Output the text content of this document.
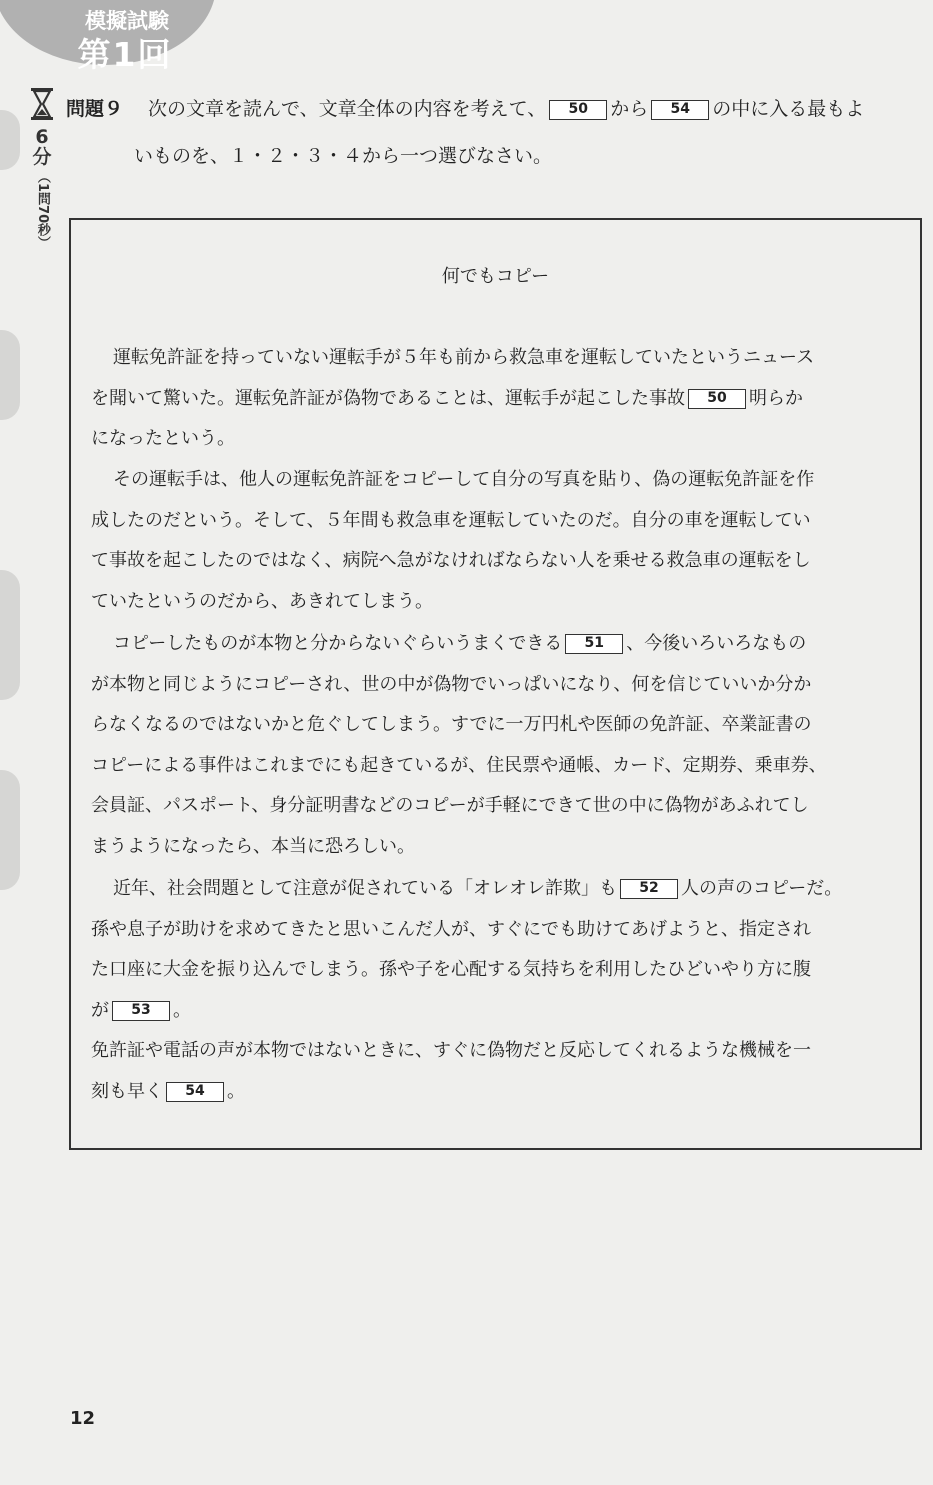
模擬試験
第1回
6分
（1問70秒）
問題９ 次の文章を読んで、文章全体の内容を考えて、 50 から 54 の中に入る最もよ
いものを、１・２・３・４から一つ選びなさい。
何でもコピー
運転免許証を持っていない運転手が５年も前から救急車を運転していたというニュース
を聞いて驚いた。運転免許証が偽物であることは、運転手が起こした事故 50 明らか
になったという。
その運転手は、他人の運転免許証をコピーして自分の写真を貼り、偽の運転免許証を作
成したのだという。そして、５年間も救急車を運転していたのだ。自分の車を運転してい
て事故を起こしたのではなく、病院へ急がなければならない人を乗せる救急車の運転をし
ていたというのだから、あきれてしまう。
コピーしたものが本物と分からないぐらいうまくできる 51 、今後いろいろなもの
が本物と同じようにコピーされ、世の中が偽物でいっぱいになり、何を信じていいか分か
らなくなるのではないかと危ぐしてしまう。すでに一万円札や医師の免許証、卒業証書の
コピーによる事件はこれまでにも起きているが、住民票や通帳、カード、定期券、乗車券、
会員証、パスポート、身分証明書などのコピーが手軽にできて世の中に偽物があふれてし
まうようになったら、本当に恐ろしい。
近年、社会問題として注意が促されている「オレオレ詐欺」も 52 人の声のコピーだ。
孫や息子が助けを求めてきたと思いこんだ人が、すぐにでも助けてあげようと、指定され
た口座に大金を振り込んでしまう。孫や子を心配する気持ちを利用したひどいやり方に腹
が 53 。
免許証や電話の声が本物ではないときに、すぐに偽物だと反応してくれるような機械を一
刻も早く 54 。
12
